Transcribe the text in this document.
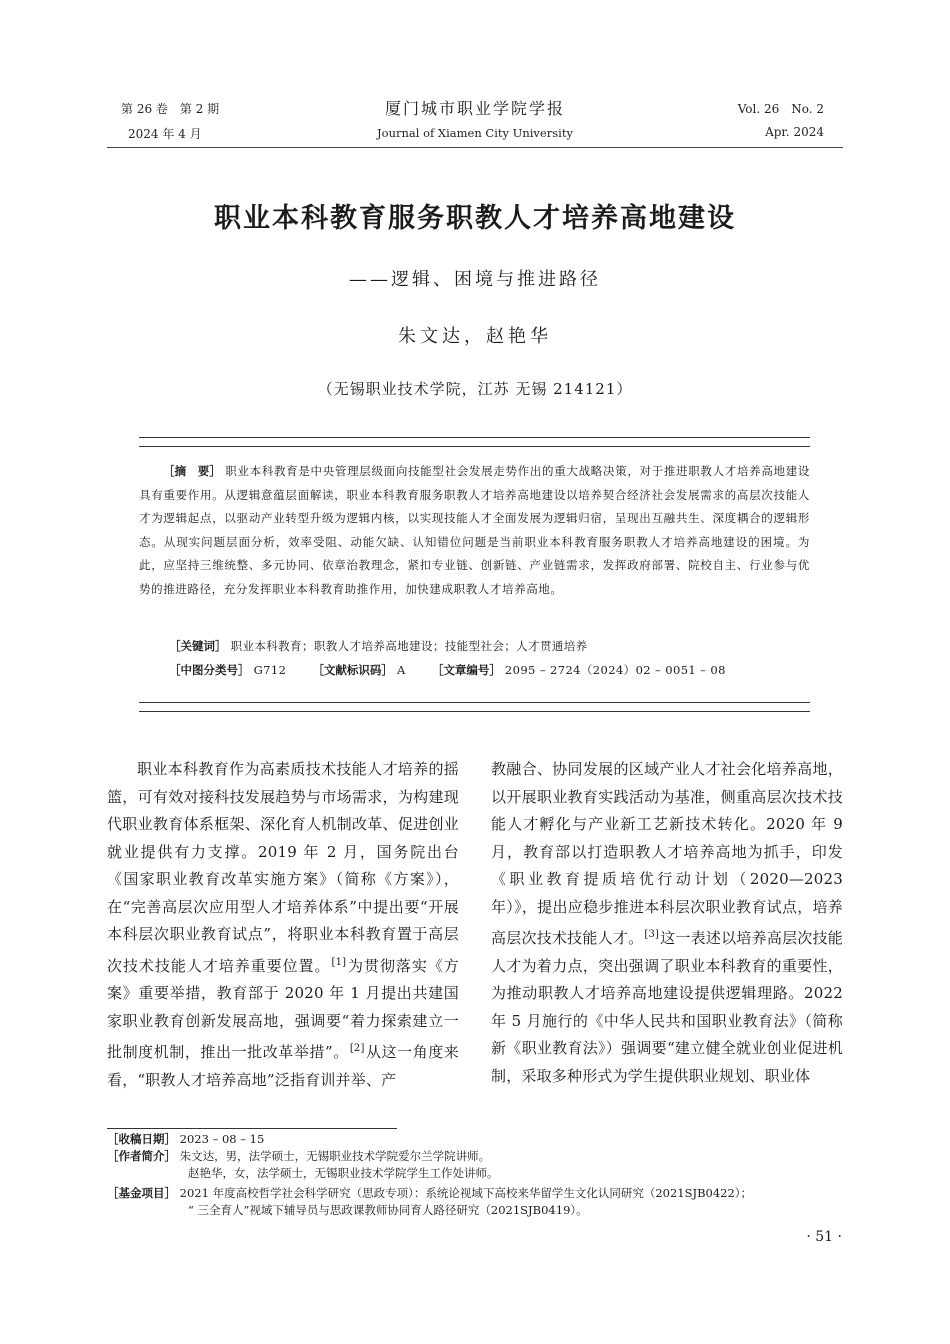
第 26 卷　第 2 期
2024 年 4 月
厦门城市职业学院学报
Journal of Xiamen City University
Vol. 26　No. 2
Apr. 2024
职业本科教育服务职教人才培养高地建设
——逻辑、困境与推进路径
朱文达，赵艳华
（无锡职业技术学院，江苏 无锡 214121）
［摘　要］ 职业本科教育是中央管理层级面向技能型社会发展走势作出的重大战略决策，对于推进职教人才培养高地建设具有重要作用。从逻辑意蕴层面解读，职业本科教育服务职教人才培养高地建设以培养契合经济社会发展需求的高层次技能人才为逻辑起点，以驱动产业转型升级为逻辑内核，以实现技能人才全面发展为逻辑归宿，呈现出互融共生、深度耦合的逻辑形态。从现实问题层面分析，效率受阻、动能欠缺、认知错位问题是当前职业本科教育服务职教人才培养高地建设的困境。为此，应坚持三维统整、多元协同、依章治教理念，紧扣专业链、创新链、产业链需求，发挥政府部署、院校自主、行业参与优势的推进路径，充分发挥职业本科教育助推作用，加快建成职教人才培养高地。
［关键词］ 职业本科教育；职教人才培养高地建设；技能型社会；人才贯通培养
［中图分类号］ G712 ［文献标识码］ A ［文章编号］ 2095 – 2724（2024）02 – 0051 – 08

职业本科教育作为高素质技术技能人才培养的摇篮，可有效对接科技发展趋势与市场需求，为构建现代职业教育体系框架、深化育人机制改革、促进创业就业提供有力支撑。2019 年 2 月，国务院出台《国家职业教育改革实施方案》（简称《方案》），在“完善高层次应用型人才培养体系”中提出要“开展本科层次职业教育试点”，将职业本科教育置于高层次技术技能人才培养重要位置。[1]为贯彻落实《方案》重要举措，教育部于 2020 年 1 月提出共建国家职业教育创新发展高地，强调要“着力探索建立一批制度机制，推出一批改革举措”。[2]从这一角度来看，“职教人才培养高地”泛指育训并举、产

教融合、协同发展的区域产业人才社会化培养高地，以开展职业教育实践活动为基准，侧重高层次技术技能人才孵化与产业新工艺新技术转化。2020 年 9 月，教育部以打造职教人才培养高地为抓手，印发《职业教育提质培优行动计划（2020—2023 年）》，提出应稳步推进本科层次职业教育试点，培养高层次技术技能人才。[3]这一表述以培养高层次技能人才为着力点，突出强调了职业本科教育的重要性，为推动职教人才培养高地建设提供逻辑理路。2022 年 5 月施行的《中华人民共和国职业教育法》（简称新《职业教育法》）强调要“建立健全就业创业促进机制，采取多种形式为学生提供职业规划、职业体

［收稿日期］ 2023 – 08 – 15
［作者简介］ 朱文达，男，法学硕士，无锡职业技术学院爱尔兰学院讲师。
赵艳华，女，法学硕士，无锡职业技术学院学生工作处讲师。
［基金项目］ 2021 年度高校哲学社会科学研究（思政专项）：系统论视域下高校来华留学生文化认同研究（2021SJB0422）；
“ 三全育人”视域下辅导员与思政课教师协同育人路径研究（2021SJB0419）。
· 51 ·
